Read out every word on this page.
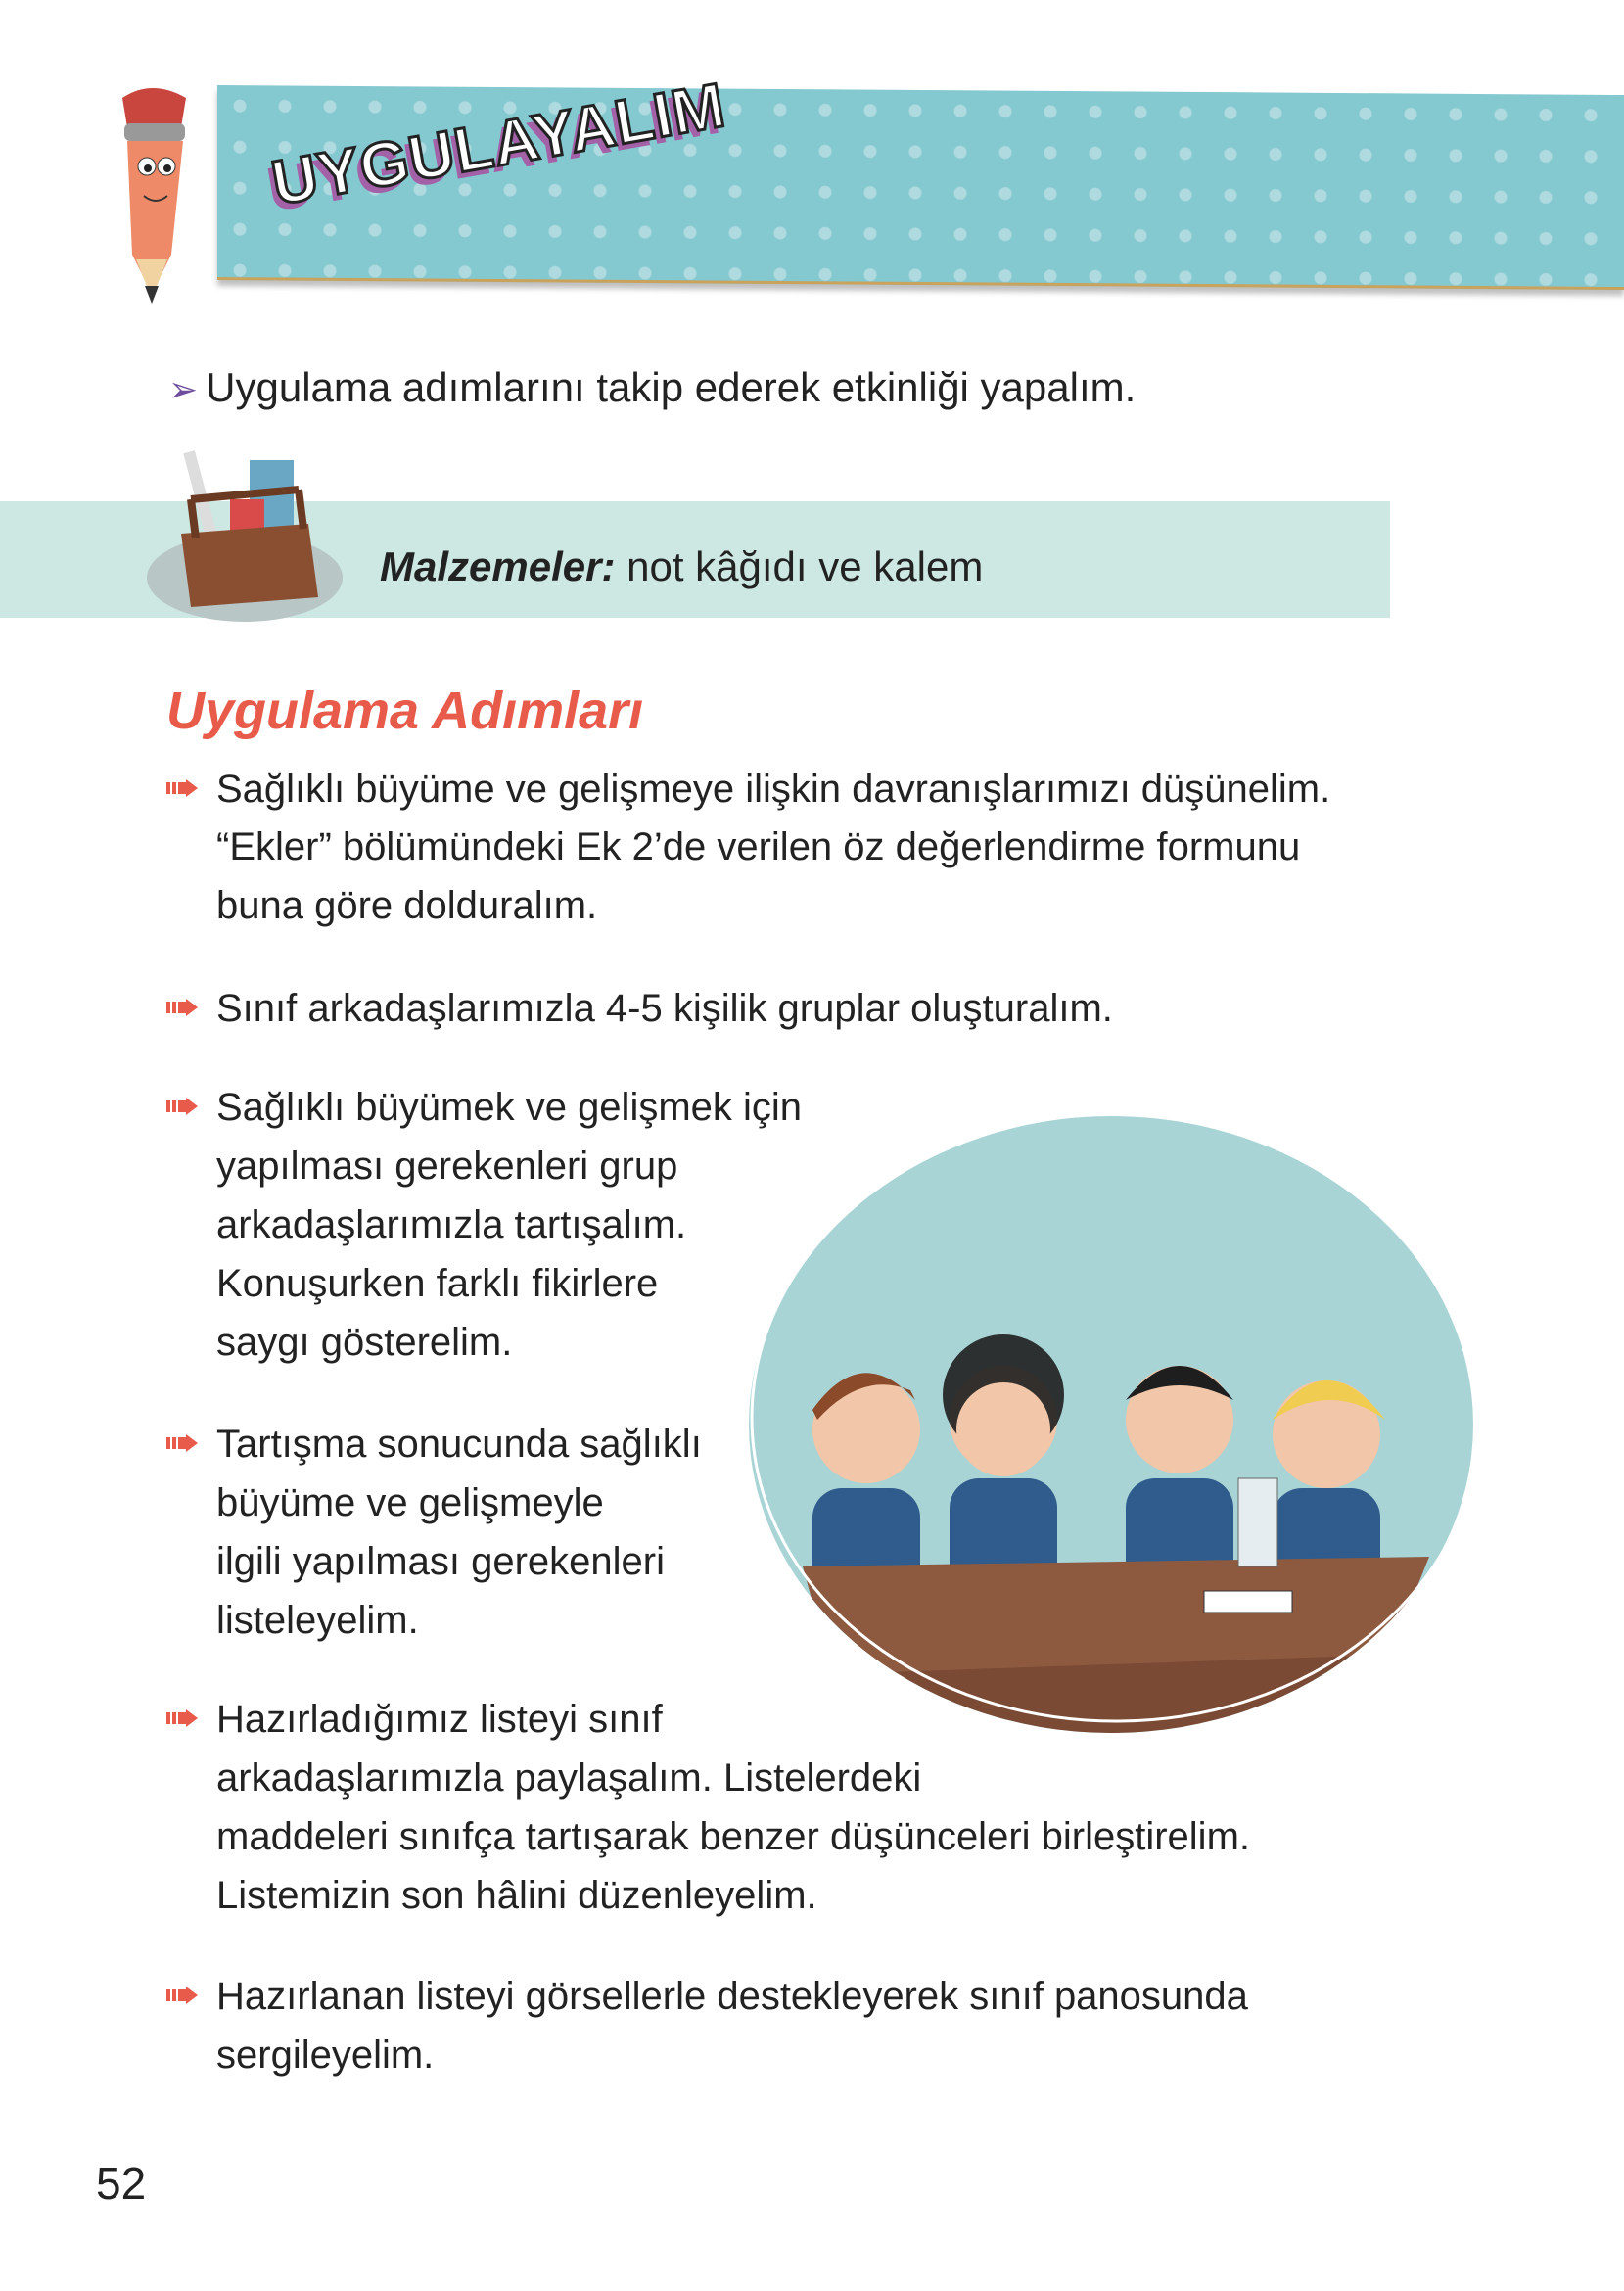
UYGULAYALIM
➢ Uygulama adımlarını takip ederek etkinliği yapalım.
Malzemeler: not kâğıdı ve kalem
Uygulama Adımları
Sağlıklı büyüme ve gelişmeye ilişkin davranışlarımızı düşünelim.
“Ekler” bölümündeki Ek 2’de verilen öz değerlendirme formunu
buna göre dolduralım.
Sınıf arkadaşlarımızla 4-5 kişilik gruplar oluşturalım.
Sağlıklı büyümek ve gelişmek için
yapılması gerekenleri grup
arkadaşlarımızla tartışalım.
Konuşurken farklı fikirlere
saygı gösterelim.
Tartışma sonucunda sağlıklı
büyüme ve gelişmeyle
ilgili yapılması gerekenleri
listeleyelim.
Hazırladığımız listeyi sınıf
arkadaşlarımızla paylaşalım. Listelerdeki
maddeleri sınıfça tartışarak benzer düşünceleri birleştirelim.
Listemizin son hâlini düzenleyelim.
Hazırlanan listeyi görsellerle destekleyerek sınıf panosunda
sergileyelim.
52
